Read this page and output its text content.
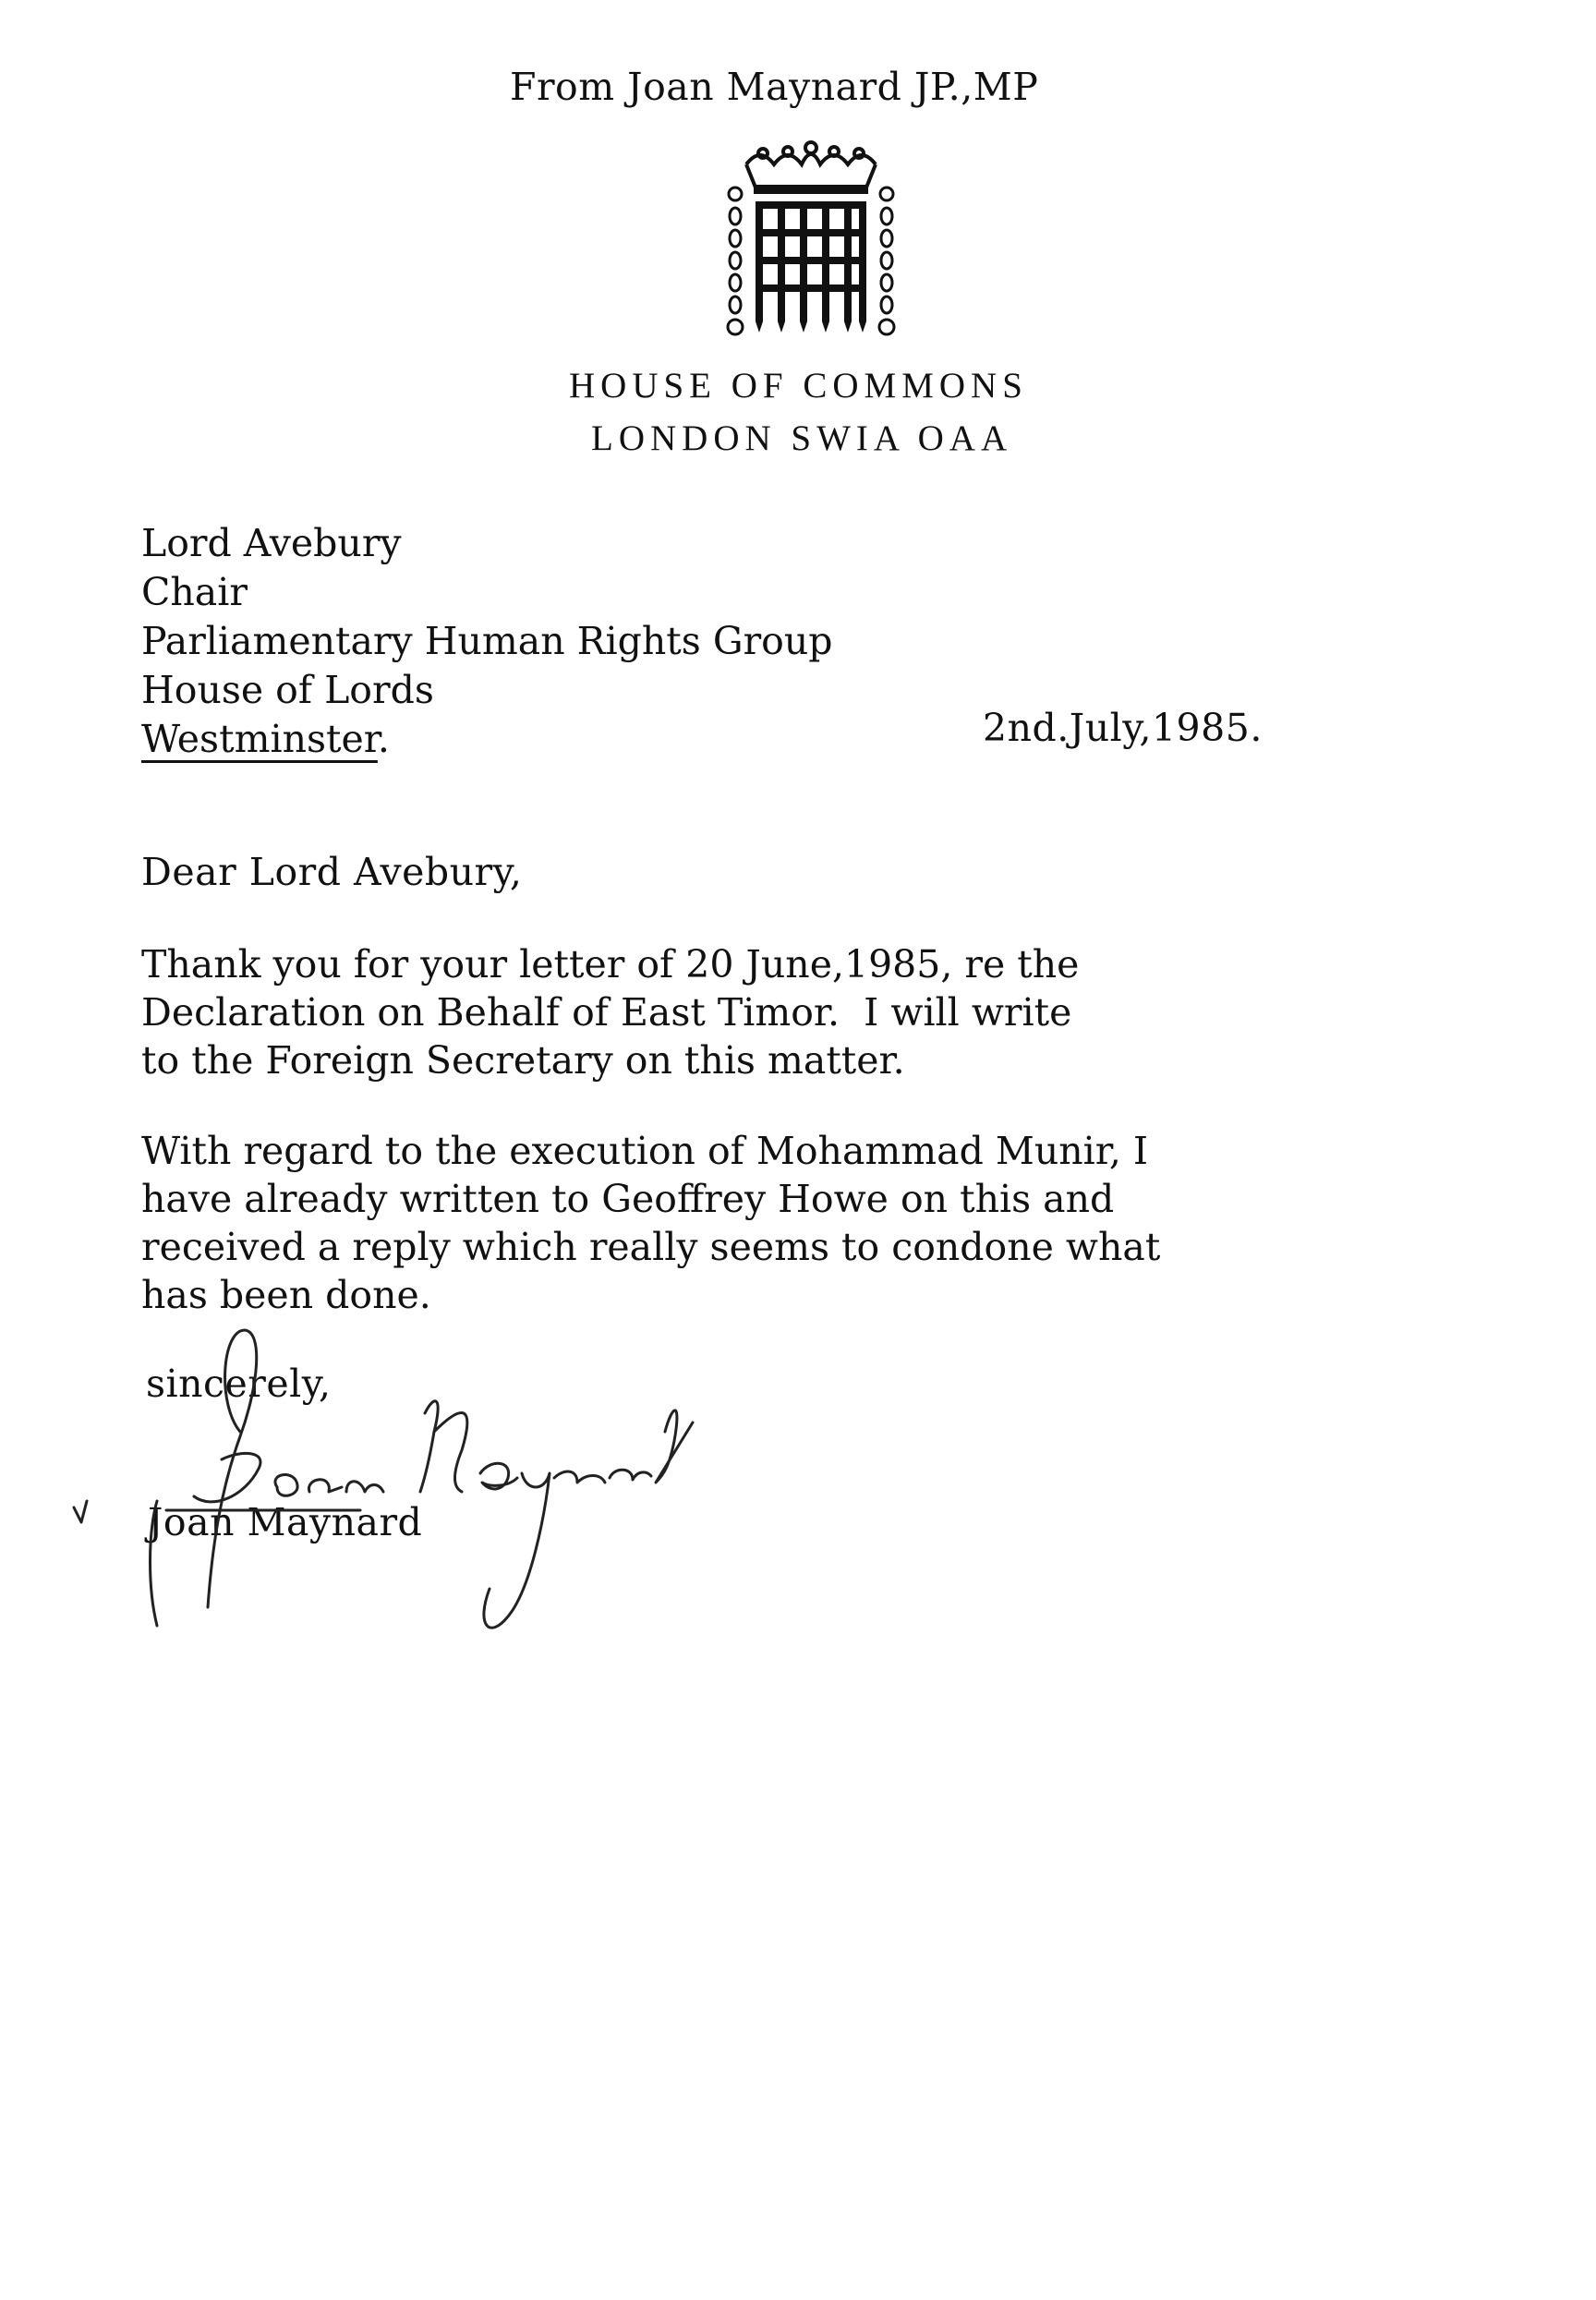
From Joan Maynard JP.,MP
HOUSE OF COMMONS
LONDON SWIA OAA
Lord Avebury
Chair
Parliamentary Human Rights Group
House of Lords
Westminster.	2nd.July,1985.
Dear Lord Avebury,
Thank you for your letter of 20 June,1985, re the
Declaration on Behalf of East Timor.  I will write
to the Foreign Secretary on this matter.
With regard to the execution of Mohammad Munir, I
have already written to Geoffrey Howe on this and
received a reply which really seems to condone what
has been done.
sincerely,
Joan Maynard
